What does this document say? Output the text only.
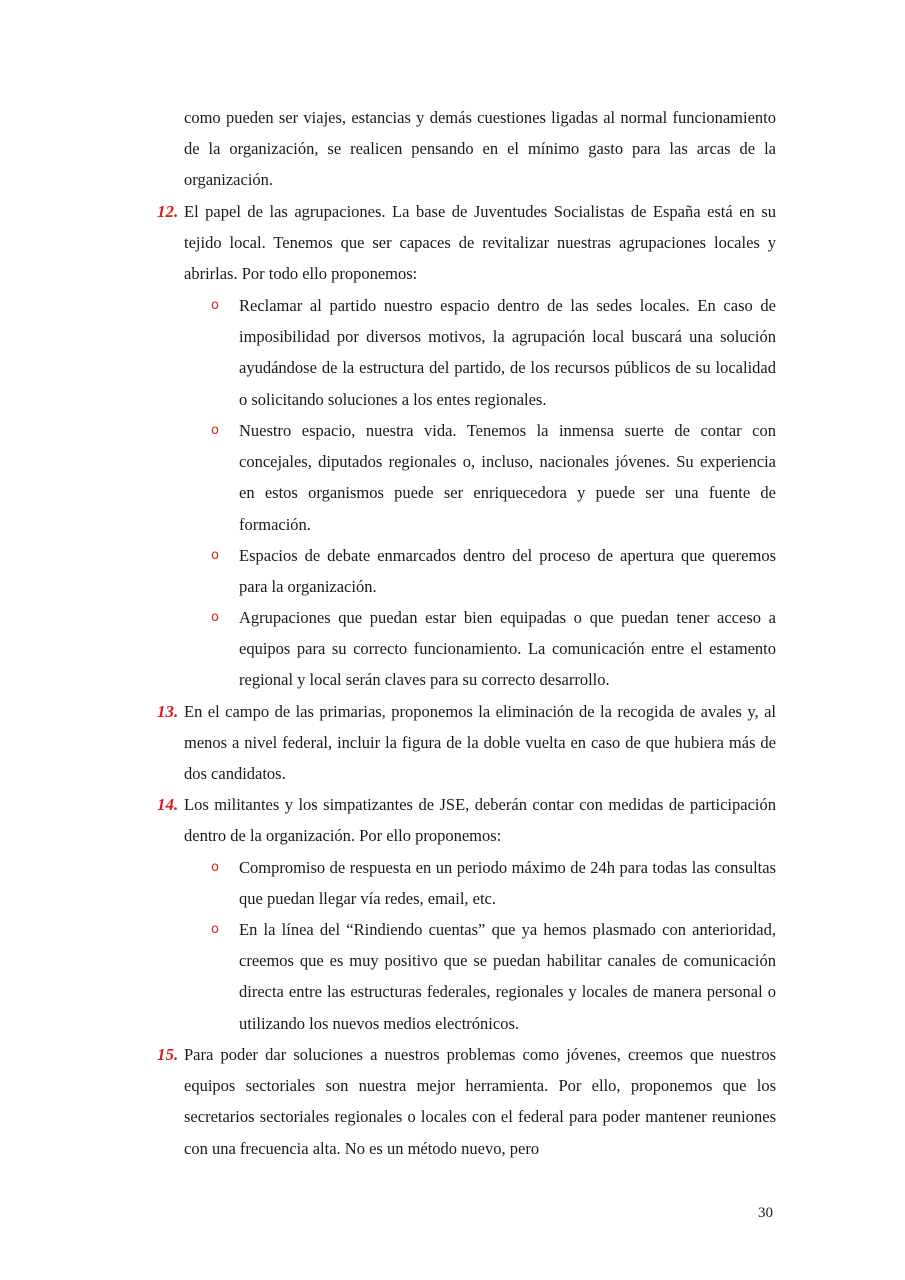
como pueden ser viajes, estancias y demás cuestiones ligadas al normal funcionamiento de la organización, se realicen pensando en el mínimo gasto para las arcas de la organización.

12. El papel de las agrupaciones. La base de Juventudes Socialistas de España está en su tejido local. Tenemos que ser capaces de revitalizar nuestras agrupaciones locales y abrirlas. Por todo ello proponemos:

o Reclamar al partido nuestro espacio dentro de las sedes locales. En caso de imposibilidad por diversos motivos, la agrupación local buscará una solución ayudándose de la estructura del partido, de los recursos públicos de su localidad o solicitando soluciones a los entes regionales.

o Nuestro espacio, nuestra vida. Tenemos la inmensa suerte de contar con concejales, diputados regionales o, incluso, nacionales jóvenes. Su experiencia en estos organismos puede ser enriquecedora y puede ser una fuente de formación.

o Espacios de debate enmarcados dentro del proceso de apertura que queremos para la organización.

o Agrupaciones que puedan estar bien equipadas o que puedan tener acceso a equipos para su correcto funcionamiento. La comunicación entre el estamento regional y local serán claves para su correcto desarrollo.

13. En el campo de las primarias, proponemos la eliminación de la recogida de avales y, al menos a nivel federal, incluir la figura de la doble vuelta en caso de que hubiera más de dos candidatos.

14. Los militantes y los simpatizantes de JSE, deberán contar con medidas de participación dentro de la organización. Por ello proponemos:

o Compromiso de respuesta en un periodo máximo de 24h para todas las consultas que puedan llegar vía redes, email, etc.

o En la línea del “Rindiendo cuentas” que ya hemos plasmado con anterioridad, creemos que es muy positivo que se puedan habilitar canales de comunicación directa entre las estructuras federales, regionales y locales de manera personal o utilizando los nuevos medios electrónicos.

15. Para poder dar soluciones a nuestros problemas como jóvenes, creemos que nuestros equipos sectoriales son nuestra mejor herramienta. Por ello, proponemos que los secretarios sectoriales regionales o locales con el federal para poder mantener reuniones con una frecuencia alta. No es un método nuevo, pero

30
